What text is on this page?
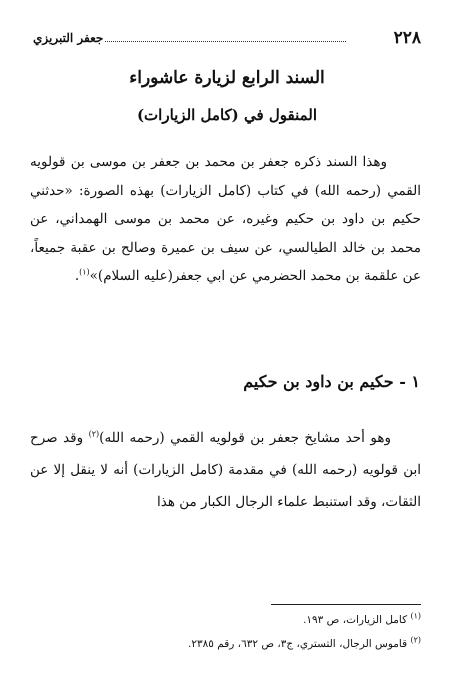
٢٢٨
جعفر التبريزي
السند الرابع لزيارة عاشوراء
المنقول في (كامل الزيارات)
وهذا السند ذكره جعفر بن محمد بن جعفر بن موسى بن قولويه القمي (رحمه الله) في كتاب (كامل الزيارات) بهذه الصورة: «حدثني حكيم بن داود بن حكيم وغيره، عن محمد بن موسى الهمداني، عن محمد بن خالد الطيالسي، عن سيف بن عميرة وصالح بن عقبة جميعاً، عن علقمة بن محمد الحضرمي عن ابي جعفر(عليه السلام)»$^{(١)}$.
١ - حكيم بن داود بن حكيم
وهو أحد مشايخ جعفر بن قولويه القمي (رحمه الله)$^{(٢)}$ وقد صرح ابن قولويه (رحمه الله) في مقدمة (كامل الزيارات) أنه لا ينقل إلا عن الثقات، وقد استنبط علماء الرجال الكبار من هذا
$^{(١)}$ كامل الزيارات، ص ١٩٣.
$^{(٢)}$ قاموس الرجال، التستري، ج٣، ص ٦٣٢، رقم ٢٣٨٥.
